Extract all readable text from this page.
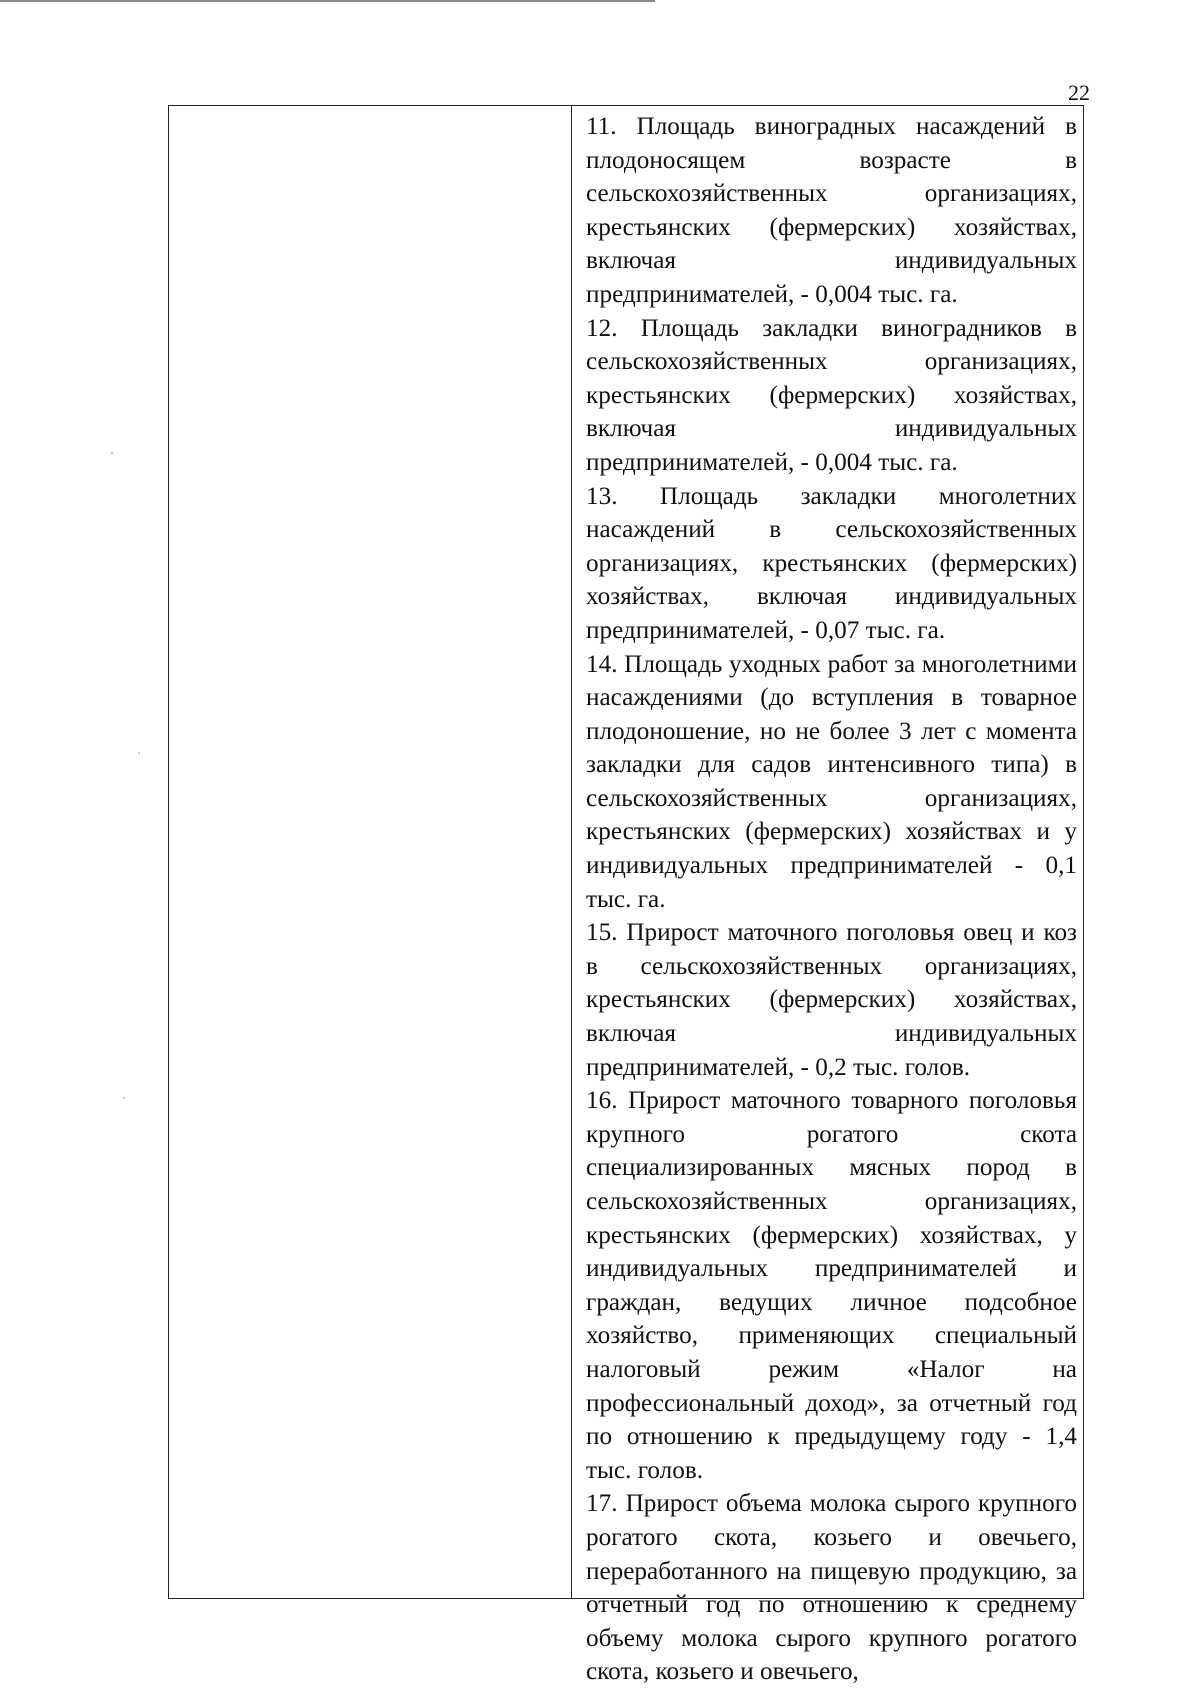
22

11. Площадь виноградных насаждений в плодоносящем возрасте в сельскохозяйственных организациях, крестьянских (фермерских) хозяйствах, включая индивидуальных предпринимателей, - 0,004 тыс. га.

12. Площадь закладки виноградников в сельскохозяйственных организациях, крестьянских (фермерских) хозяйствах, включая индивидуальных предпринимателей, - 0,004 тыс. га.

13. Площадь закладки многолетних насаждений в сельскохозяйственных организациях, крестьянских (фермерских) хозяйствах, включая индивидуальных предпринимателей, - 0,07 тыс. га.

14. Площадь уходных работ за многолетними насаждениями (до вступления в товарное плодоношение, но не более 3 лет с момента закладки для садов интенсивного типа) в сельскохозяйственных организациях, крестьянских (фермерских) хозяйствах и у индивидуальных предпринимателей - 0,1 тыс. га.

15. Прирост маточного поголовья овец и коз в сельскохозяйственных организациях, крестьянских (фермерских) хозяйствах, включая индивидуальных предпринимателей, - 0,2 тыс. голов.

16. Прирост маточного товарного поголовья крупного рогатого скота специализированных мясных пород в сельскохозяйственных организациях, крестьянских (фермерских) хозяйствах, у индивидуальных предпринимателей и граждан, ведущих личное подсобное хозяйство, применяющих специальный налоговый режим «Налог на профессиональный доход», за отчетный год по отношению к предыдущему году - 1,4 тыс. голов.

17. Прирост объема молока сырого крупного рогатого скота, козьего и овечьего, переработанного на пищевую продукцию, за отчетный год по отношению к среднему объему молока сырого крупного рогатого скота, козьего и овечьего,
